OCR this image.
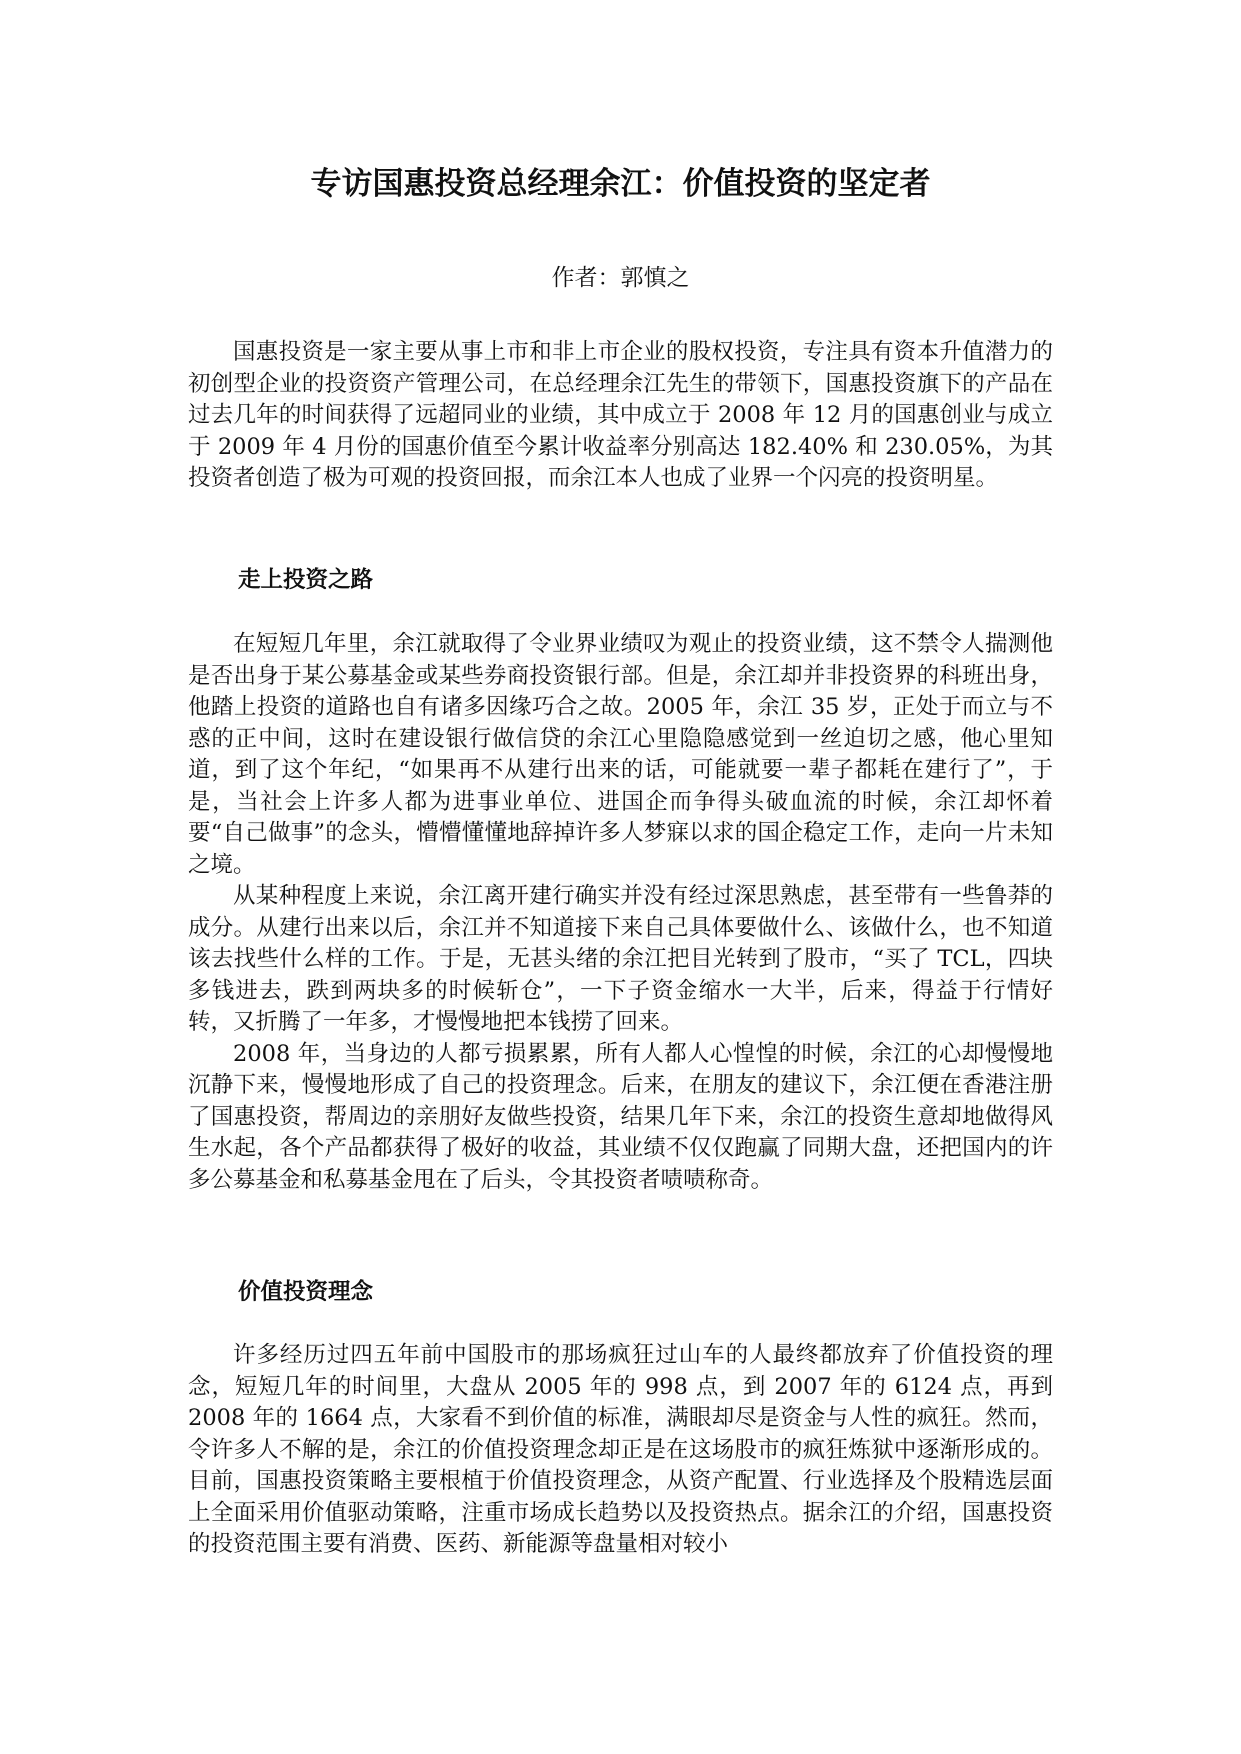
专访国惠投资总经理余江：价值投资的坚定者
作者：郭慎之

国惠投资是一家主要从事上市和非上市企业的股权投资，专注具有资本升值潜力的初创型企业的投资资产管理公司，在总经理余江先生的带领下，国惠投资旗下的产品在过去几年的时间获得了远超同业的业绩，其中成立于 2008 年 12 月的国惠创业与成立于 2009 年 4 月份的国惠价值至今累计收益率分别高达 182.40% 和 230.05%，为其投资者创造了极为可观的投资回报，而余江本人也成了业界一个闪亮的投资明星。

走上投资之路

在短短几年里，余江就取得了令业界业绩叹为观止的投资业绩，这不禁令人揣测他是否出身于某公募基金或某些券商投资银行部。但是，余江却并非投资界的科班出身，他踏上投资的道路也自有诸多因缘巧合之故。2005 年，余江 35 岁，正处于而立与不惑的正中间，这时在建设银行做信贷的余江心里隐隐感觉到一丝迫切之感，他心里知道，到了这个年纪，“如果再不从建行出来的话，可能就要一辈子都耗在建行了”，于是，当社会上许多人都为进事业单位、进国企而争得头破血流的时候，余江却怀着要“自己做事”的念头，懵懵懂懂地辞掉许多人梦寐以求的国企稳定工作，走向一片未知之境。

从某种程度上来说，余江离开建行确实并没有经过深思熟虑，甚至带有一些鲁莽的成分。从建行出来以后，余江并不知道接下来自己具体要做什么、该做什么，也不知道该去找些什么样的工作。于是，无甚头绪的余江把目光转到了股市，“买了 TCL，四块多钱进去，跌到两块多的时候斩仓”，一下子资金缩水一大半，后来，得益于行情好转，又折腾了一年多，才慢慢地把本钱捞了回来。

2008 年，当身边的人都亏损累累，所有人都人心惶惶的时候，余江的心却慢慢地沉静下来，慢慢地形成了自己的投资理念。后来，在朋友的建议下，余江便在香港注册了国惠投资，帮周边的亲朋好友做些投资，结果几年下来，余江的投资生意却地做得风生水起，各个产品都获得了极好的收益，其业绩不仅仅跑赢了同期大盘，还把国内的许多公募基金和私募基金甩在了后头，令其投资者啧啧称奇。

价值投资理念

许多经历过四五年前中国股市的那场疯狂过山车的人最终都放弃了价值投资的理念，短短几年的时间里，大盘从 2005 年的 998 点，到 2007 年的 6124 点，再到 2008 年的 1664 点，大家看不到价值的标准，满眼却尽是资金与人性的疯狂。然而，令许多人不解的是，余江的价值投资理念却正是在这场股市的疯狂炼狱中逐渐形成的。目前，国惠投资策略主要根植于价值投资理念，从资产配置、行业选择及个股精选层面上全面采用价值驱动策略，注重市场成长趋势以及投资热点。据余江的介绍，国惠投资的投资范围主要有消费、医药、新能源等盘量相对较小
